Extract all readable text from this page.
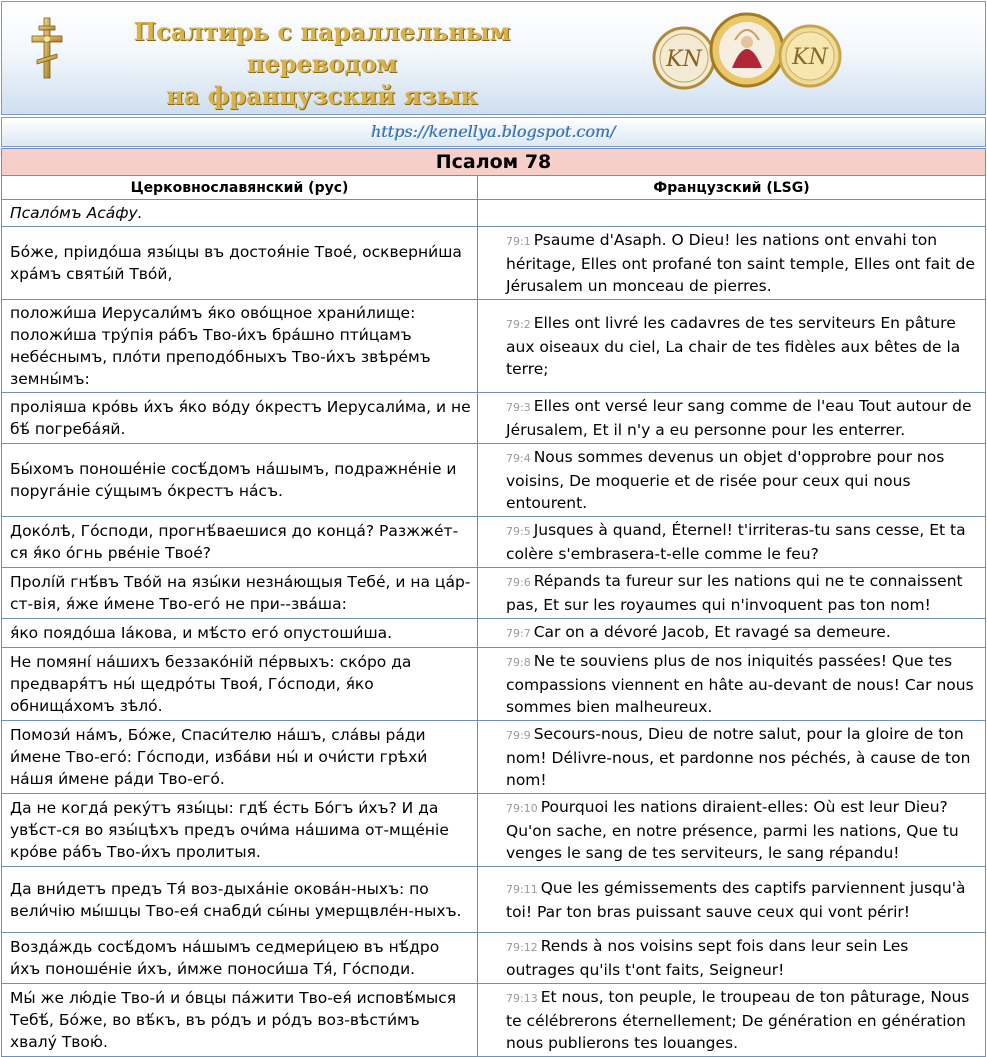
Псалтирь с параллельным переводом
на французский язык
KN	KN
https://kenellya.blogspot.com/
Псалом 78	
Церковнославянский (рус)	Французский (LSG)
Псало́мъ Аса́фу.	
Бо́же, пріидо́ша язы́цы въ достоя́ніе Твое́, оскверни́ша хра́мъ святы́й Тво́й,	79:1 Psaume d'Asaph. O Dieu! les nations ont envahi ton héritage, Elles ont profané ton saint temple, Elles ont fait de Jérusalem un monceau de pierres.
положи́ша Иерусали́мъ я́ко ово́щное храни́лище: положи́ша тру́пія ра́бъ Тво-и́хъ бра́шно пти́цамъ небе́снымъ, пло́ти преподо́бныхъ Тво-и́хъ звѣре́мъ земны́мъ:	79:2 Elles ont livré les cadavres de tes serviteurs En pâture aux oiseaux du ciel, La chair de tes fidèles aux bêtes de la terre;
проліяша кро́вь и́хъ я́ко во́ду о́крестъ Иерусали́ма, и не бѣ́ погреба́яй.	79:3 Elles ont versé leur sang comme de l'eau Tout autour de Jérusalem, Et il n'y a eu personne pour les enterrer.
Бы́хомъ поноше́ніе сосѣ́домъ на́шымъ, подражне́ніе и поруга́ніе су́щымъ о́крестъ на́съ.	79:4 Nous sommes devenus un objet d'opprobre pour nos voisins, De moquerie et de risée pour ceux qui nous entourent.
Доко́лѣ, Го́споди, прогнѣ́ваешися до конца́? Разжже́т-ся я́ко о́гнь рве́ніе Твое́?	79:5 Jusques à quand, Éternel! t'irriteras-tu sans cesse, Et ta colère s'embrasera-t-elle comme le feu?
Пролі́й гнѣ́въ Тво́й на язы́ки незна́ющыя Тебе́, и на ца́р-ст-вія, я́же и́мене Тво-его́ не при--зва́ша:	79:6 Répands ta fureur sur les nations qui ne te connaissent pas, Et sur les royaumes qui n'invoquent pas ton nom!
я́ко поядо́ша Іа́кова, и мѣ́сто его́ опустоши́ша.	79:7 Car on a dévoré Jacob, Et ravagé sa demeure.
Не помяні́ на́шихъ беззако́ній пе́рвыхъ: ско́ро да предваря́тъ ны́ щедро́ты Твоя́, Го́споди, я́ко обнища́хомъ зѣло́.	79:8 Ne te souviens plus de nos iniquités passées! Que tes compassions viennent en hâte au-devant de nous! Car nous sommes bien malheureux.
Помози́ на́мъ, Бо́же, Спаси́телю на́шъ, сла́вы ра́ди и́мене Тво-его́: Го́споди, изба́ви ны́ и очи́сти грѣхи́ на́шя и́мене ра́ди Тво-его́.	79:9 Secours-nous, Dieu de notre salut, pour la gloire de ton nom! Délivre-nous, et pardonne nos péchés, à cause de ton nom!
Да не когда́ реку́тъ язы́цы: гдѣ́ е́сть Бо́гъ и́хъ? И да увѣ́ст-ся во язы́цѣхъ предъ очи́ма на́шима от-мще́ніе кро́ве ра́бъ Тво-и́хъ пролитыя.	79:10 Pourquoi les nations diraient-elles: Où est leur Dieu? Qu'on sache, en notre présence, parmi les nations, Que tu venges le sang de tes serviteurs, le sang répandu!
Да вни́детъ предъ Тя́ воз-дыха́ніе окова́н-ныхъ: по вели́чію мы́шцы Тво-ея́ снабди́ сы́ны умерщвле́н-ныхъ.	79:11 Que les gémissements des captifs parviennent jusqu'à toi! Par ton bras puissant sauve ceux qui vont périr!
Возда́ждь сосѣ́домъ на́шымъ седмери́цею въ нѣ́дро и́хъ поноше́ніе и́хъ, и́мже поноси́ша Тя́, Го́споди.	79:12 Rends à nos voisins sept fois dans leur sein Les outrages qu'ils t'ont faits, Seigneur!
Мы́ же лю́діе Тво-и́ и о́вцы па́жити Тво-ея́ исповѣ́мыся Тебѣ́, Бо́же, во вѣ́къ, въ ро́дъ и ро́дъ воз-вѣсти́мъ хвалу́ Твою́.	79:13 Et nous, ton peuple, le troupeau de ton pâturage, Nous te célébrerons éternellement; De génération en génération nous publierons tes louanges.
